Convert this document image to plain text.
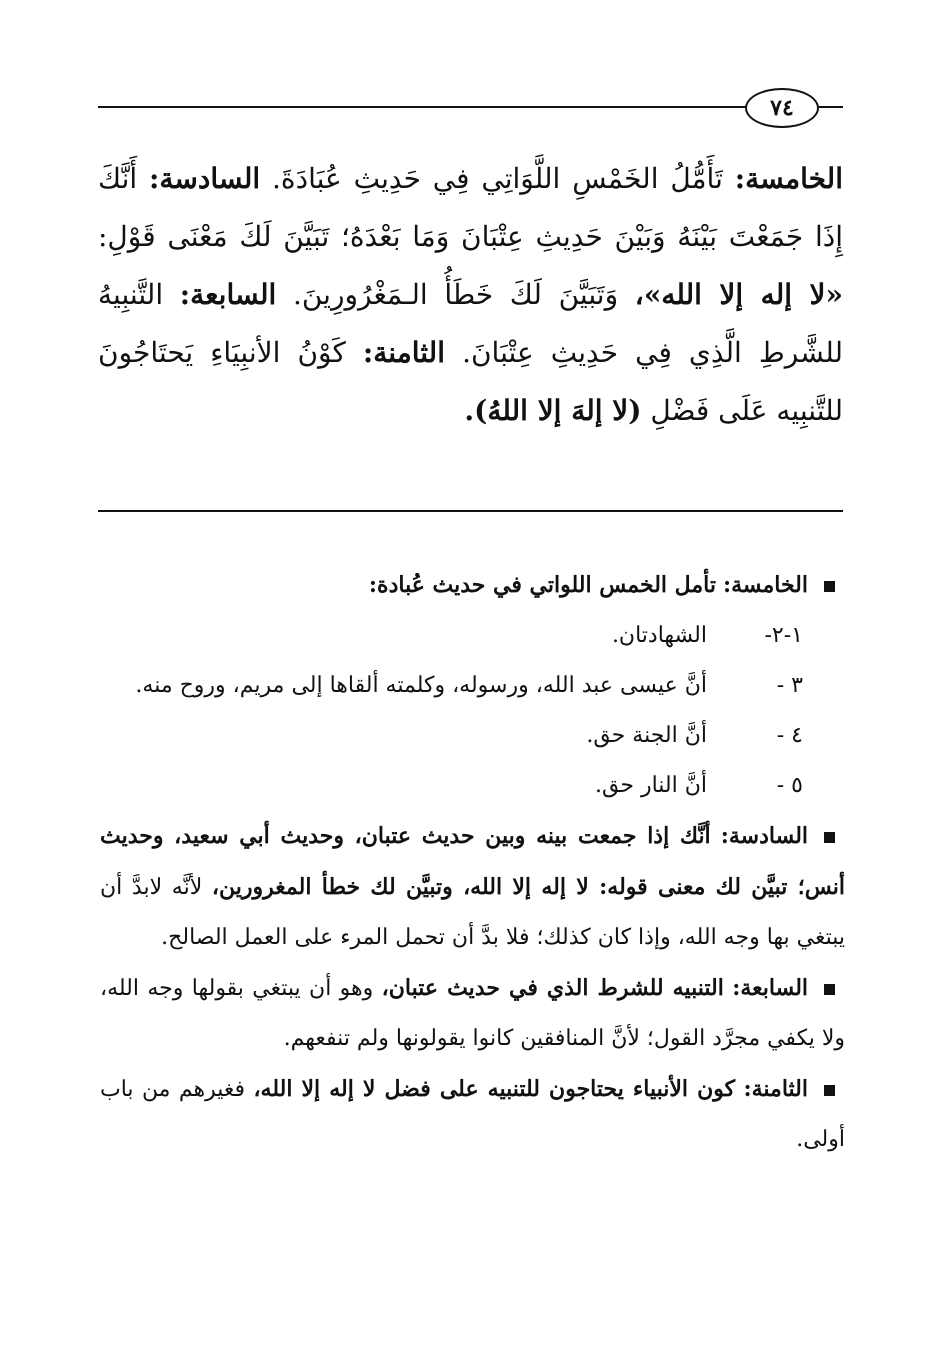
٧٤
الخامسة: تَأَمُّلُ الخَمْسِ اللَّوَاتِي فِي حَدِيثِ عُبَادَةَ. السادسة: أَنَّكَ إِذَا جَمَعْتَ بَيْنَهُ وَبَيْنَ حَدِيثِ عِتْبَانَ وَمَا بَعْدَهُ؛ تَبَيَّنَ لَكَ مَعْنَى قَوْلِ: «لا إله إلا الله»، وَتَبَيَّنَ لَكَ خَطَأُ الـمَغْرُورِينَ. السابعة: التَّنبِيهُ للشَّرطِ الَّذِي فِي حَدِيثِ عِتْبَانَ. الثامنة: كَوْنُ الأنبِيَاءِ يَحتَاجُونَ للتَّنبِيه عَلَى فَضْلِ (لا إلهَ إلا اللهُ).

الخامسة: تأمل الخمس اللواتي في حديث عُبادة:

١-٢-
الشهادتان.
٣ -
أنَّ عيسى عبد الله، ورسوله، وكلمته ألقاها إلى مريم، وروح منه.
٤ -
أنَّ الجنة حق.
٥ -
أنَّ النار حق.

السادسة: أنَّك إذا جمعت بينه وبين حديث عتبان، وحديث أبي سعيد، وحديث أنس؛ تبيَّن لك معنى قوله: لا إله إلا الله، وتبيَّن لك خطأ المغرورين، لأنَّه لابدَّ أن يبتغي بها وجه الله، وإذا كان كذلك؛ فلا بدَّ أن تحمل المرء على العمل الصالح.

السابعة: التنبيه للشرط الذي في حديث عتبان، وهو أن يبتغي بقولها وجه الله، ولا يكفي مجرَّد القول؛ لأنَّ المنافقين كانوا يقولونها ولم تنفعهم.

الثامنة: كون الأنبياء يحتاجون للتنبيه على فضل لا إله إلا الله، فغيرهم من باب أولى.
